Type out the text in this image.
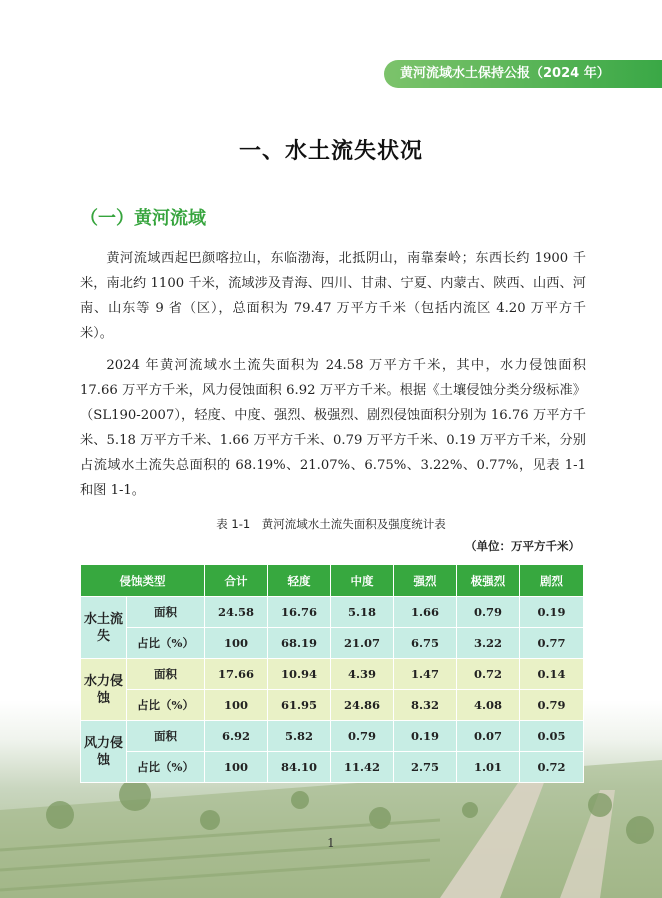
黄河流域水土保持公报（2024 年）
一、水土流失状况
（一）黄河流域
黄河流域西起巴颜喀拉山，东临渤海，北抵阴山，南靠秦岭；东西长约 1900 千米，南北约 1100 千米，流域涉及青海、四川、甘肃、宁夏、内蒙古、陕西、山西、河南、山东等 9 省（区），总面积为 79.47 万平方千米（包括内流区 4.20 万平方千米）。
2024 年黄河流域水土流失面积为 24.58 万平方千米，其中，水力侵蚀面积 17.66 万平方千米，风力侵蚀面积 6.92 万平方千米。根据《土壤侵蚀分类分级标准》（SL190-2007），轻度、中度、强烈、极强烈、剧烈侵蚀面积分别为 16.76 万平方千米、5.18 万平方千米、1.66 万平方千米、0.79 万平方千米、0.19 万平方千米，分别占流域水土流失总面积的 68.19%、21.07%、6.75%、3.22%、0.77%，见表 1-1 和图 1-1。
表 1-1　黄河流域水土流失面积及强度统计表
（单位：万平方千米）
侵蚀类型		合计	轻度	中度	强烈	极强烈	剧烈
水土流失	面积	24.58	16.76	5.18	1.66	0.79	0.19
	占比（%）	100	68.19	21.07	6.75	3.22	0.77
水力侵蚀	面积	17.66	10.94	4.39	1.47	0.72	0.14
	占比（%）	100	61.95	24.86	8.32	4.08	0.79
风力侵蚀	面积	6.92	5.82	0.79	0.19	0.07	0.05
	占比（%）	100	84.10	11.42	2.75	1.01	0.72
1
